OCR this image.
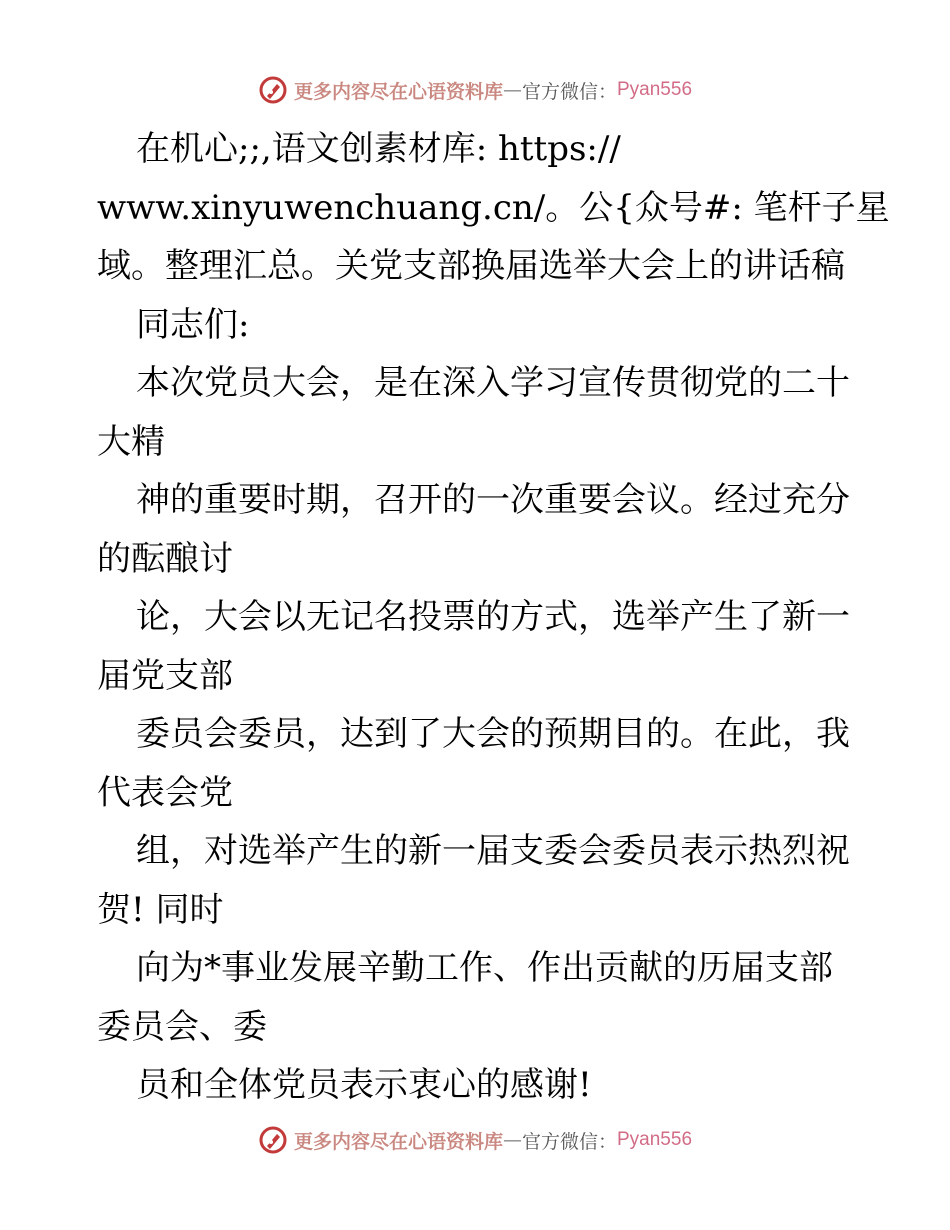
更多内容尽在心语资料库 — 官方微信： Pyan556
在机心;;,语文创素材库: https://
www.xinyuwenchuang.cn/。公{众号#: 笔杆子星
域。整理汇总。关党支部换届选举大会上的讲话稿
同志们:
本次党员大会，是在深入学习宣传贯彻党的二十
大精
神的重要时期，召开的一次重要会议。经过充分
的酝酿讨
论，大会以无记名投票的方式，选举产生了新一
届党支部
委员会委员，达到了大会的预期目的。在此，我
代表会党
组，对选举产生的新一届支委会委员表示热烈祝
贺! 同时
向为*事业发展辛勤工作、作出贡献的历届支部
委员会、委
员和全体党员表示衷心的感谢!
更多内容尽在心语资料库 — 官方微信： Pyan556
